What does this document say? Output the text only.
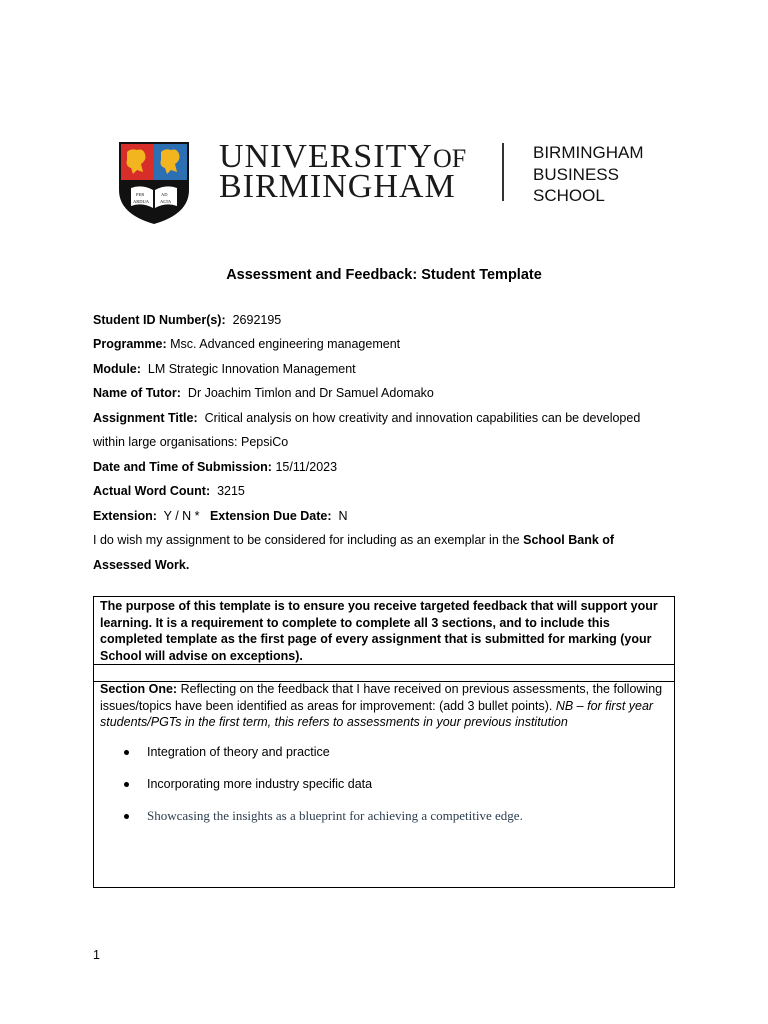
PER
ARDUA
AD
ALTA
UNIVERSITYOF
BIRMINGHAM
BIRMINGHAM
BUSINESS
SCHOOL
Assessment and Feedback: Student Template
Student ID Number(s): 2692195
Programme: Msc. Advanced engineering management
Module: LM Strategic Innovation Management
Name of Tutor: Dr Joachim Timlon and Dr Samuel Adomako
Assignment Title: Critical analysis on how creativity and innovation capabilities can be developed
within large organisations: PepsiCo
Date and Time of Submission: 15/11/2023
Actual Word Count: 3215
Extension: Y / N * Extension Due Date: N
I do wish my assignment to be considered for including as an exemplar in the School Bank of
Assessed Work.
The purpose of this template is to ensure you receive targeted feedback that will support your learning. It is a requirement to complete to complete all 3 sections, and to include this completed template as the first page of every assignment that is submitted for marking (your School will advise on exceptions).
Section One: Reflecting on the feedback that I have received on previous assessments, the following issues/topics have been identified as areas for improvement: (add 3 bullet points). NB – for first year students/PGTs in the first term, this refers to assessments in your previous institution
Integration of theory and practice
Incorporating more industry specific data
Showcasing the insights as a blueprint for achieving a competitive edge.
1
